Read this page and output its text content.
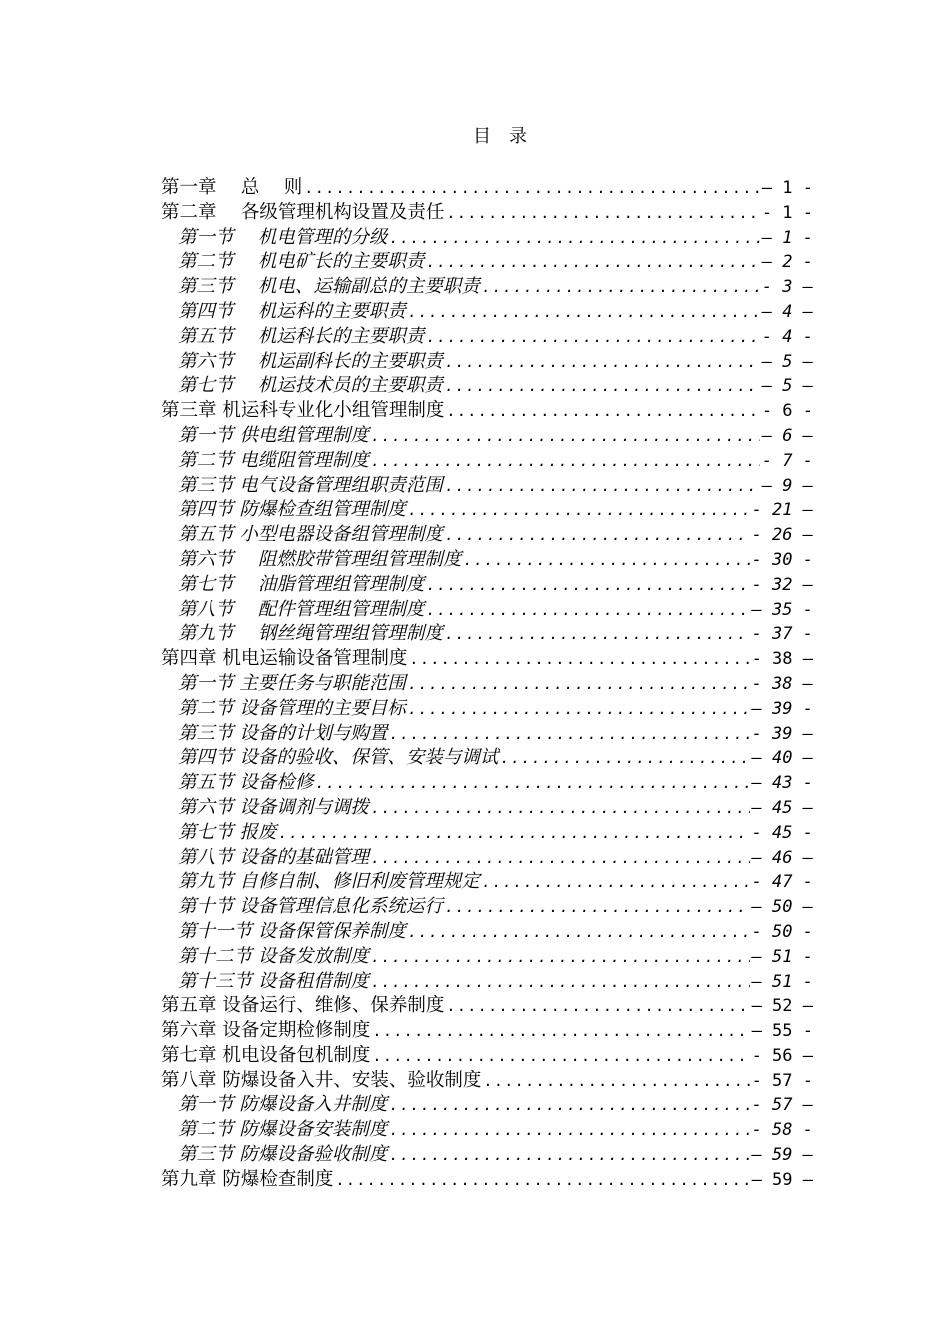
目　录
第一章　 总　 则 .....	— 1 -
第二章　 各级管理机构设置及责任 .....	- 1 -
第一节　 机电管理的分级 .....	— 1 -
第二节　 机电矿长的主要职责 .....	— 2 -
第三节　 机电、运输副总的主要职责 .....	- 3 —
第四节　 机运科的主要职责 .....	— 4 —
第五节　 机运科长的主要职责 .....	- 4 -
第六节　 机运副科长的主要职责 .....	— 5 —
第七节　 机运技术员的主要职责 .....	— 5 —
第三章 机运科专业化小组管理制度 .....	- 6 -
第一节 供电组管理制度 .....	— 6 —
第二节 电缆阻管理制度 .....	- 7 -
第三节 电气设备管理组职责范围 .....	— 9 —
第四节 防爆检查组管理制度 .....	- 21 —
第五节 小型电器设备组管理制度 .....	- 26 —
第六节　 阻燃胶带管理组管理制度 .....	- 30 -
第七节　 油脂管理组管理制度 .....	- 32 —
第八节　 配件管理组管理制度 .....	— 35 -
第九节　 钢丝绳管理组管理制度 .....	- 37 -
第四章 机电运输设备管理制度 .....	- 38 —
第一节 主要任务与职能范围 .....	- 38 —
第二节 设备管理的主要目标 .....	— 39 -
第三节 设备的计划与购置 .....	- 39 —
第四节 设备的验收、保管、安装与调试 .....	— 40 —
第五节 设备检修 .....	— 43 -
第六节 设备调剂与调拨 .....	— 45 —
第七节 报废 .....	- 45 -
第八节 设备的基础管理 .....	— 46 —
第九节 自修自制、修旧利废管理规定 .....	- 47 -
第十节 设备管理信息化系统运行 .....	— 50 —
第十一节 设备保管保养制度 .....	- 50 -
第十二节 设备发放制度 .....	— 51 -
第十三节 设备租借制度 .....	— 51 -
第五章 设备运行、维修、保养制度 .....	— 52 —
第六章 设备定期检修制度 .....	— 55 -
第七章 机电设备包机制度 .....	- 56 —
第八章 防爆设备入井、安装、验收制度 .....	- 57 -
第一节 防爆设备入井制度 .....	- 57 —
第二节 防爆设备安装制度 .....	- 58 -
第三节 防爆设备验收制度 .....	— 59 —
第九章 防爆检查制度 .....	— 59 —
